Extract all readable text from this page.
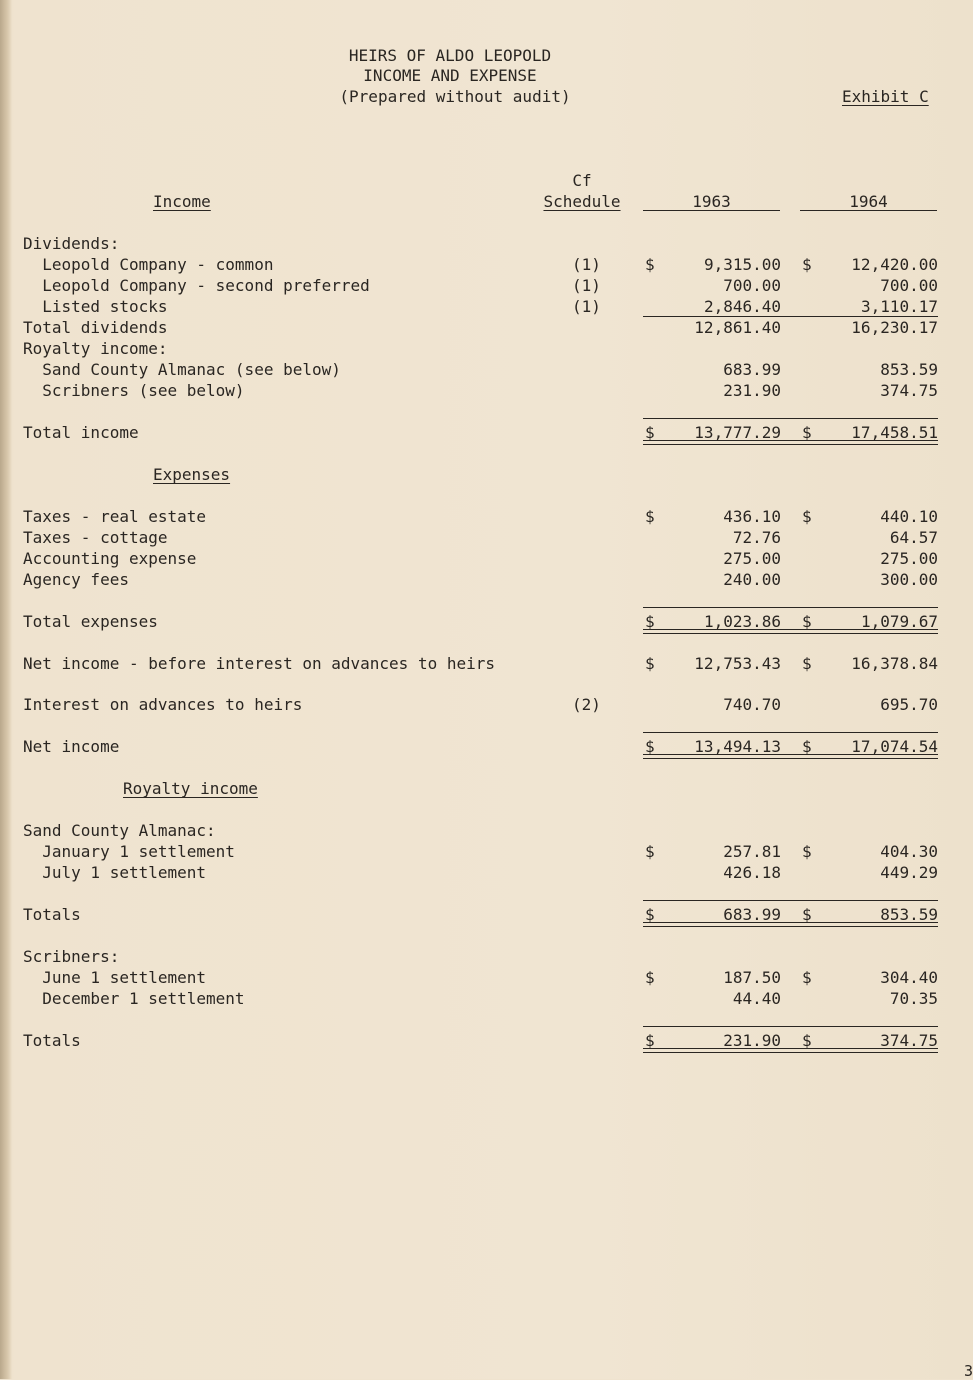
HEIRS OF ALDO LEOPOLD
INCOME AND EXPENSE
(Prepared without audit)	Exhibit C
Income
Cf
Schedule	1963	1964
Dividends:
Leopold Company - common	(1)	$	9,315.00 $	12,420.00
Leopold Company - second preferred	(1)	700.00	700.00
Listed stocks	(1)	2,846.40	3,110.17
Total dividends	12,861.40	16,230.17
Royalty income:
Sand County Almanac (see below)	683.99	853.59
Scribners (see below)	231.90	374.75
Total income	$	13,777.29 $	17,458.51
Expenses
Taxes - real estate	$	436.10 $	440.10
Taxes - cottage	72.76	64.57
Accounting expense	275.00	275.00
Agency fees	240.00	300.00
Total expenses	$	1,023.86 $	1,079.67
Net income - before interest on advances to heirs	$	12,753.43 $	16,378.84
Interest on advances to heirs	(2)	740.70	695.70
Net income	$	13,494.13 $	17,074.54
Royalty income
Sand County Almanac:
January 1 settlement	$	257.81 $	404.30
July 1 settlement	426.18	449.29
Totals	$	683.99 $	853.59
Scribners:
June 1 settlement	$	187.50 $	304.40
December 1 settlement	44.40	70.35
Totals	$	231.90 $	374.75
3
